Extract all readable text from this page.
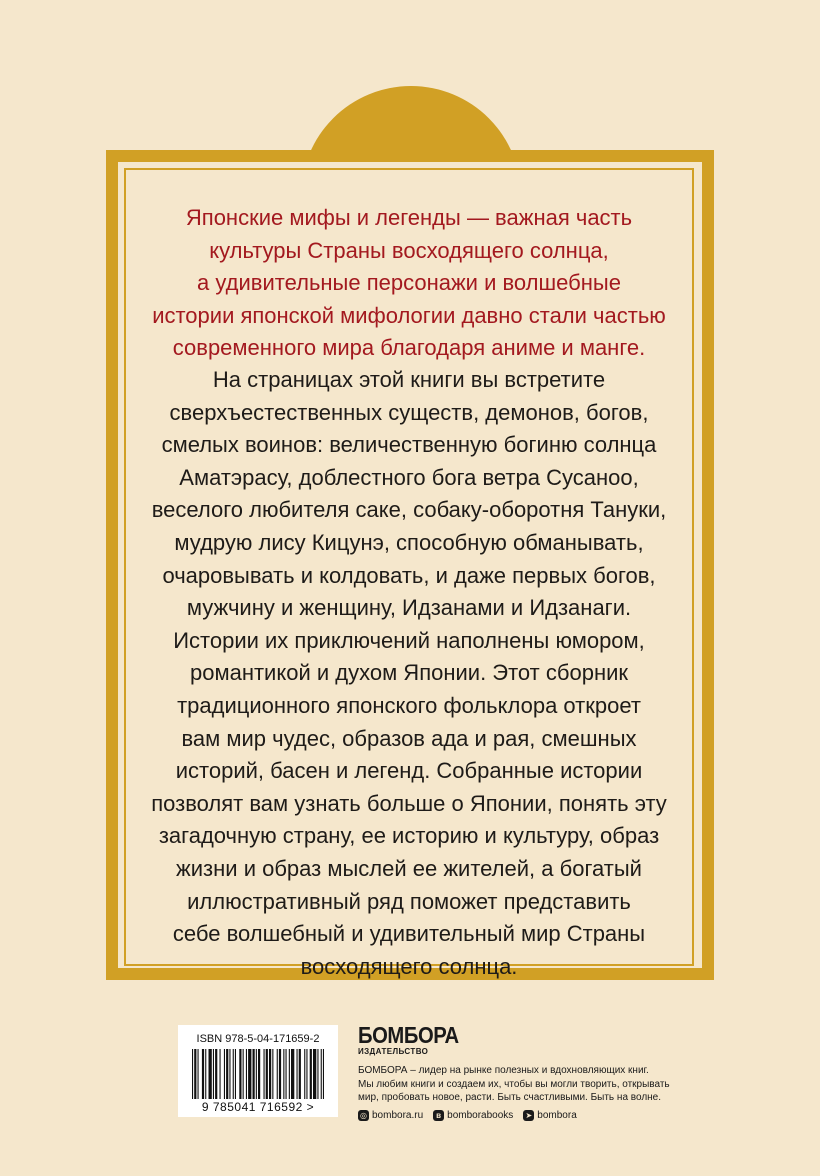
Японские мифы и легенды — важная часть
культуры Страны восходящего солнца,
а удивительные персонажи и волшебные
истории японской мифологии давно стали частью
современного мира благодаря аниме и манге.

На страницах этой книги вы встретите
сверхъестественных существ, демонов, богов,
смелых воинов: величественную богиню солнца
Аматэрасу, доблестного бога ветра Сусаноо,
веселого любителя саке, собаку-оборотня Тануки,
мудрую лису Кицунэ, способную обманывать,
очаровывать и колдовать, и даже первых богов,
мужчину и женщину, Идзанами и Идзанаги.
Истории их приключений наполнены юмором,
романтикой и духом Японии. Этот сборник
традиционного японского фольклора откроет
вам мир чудес, образов ада и рая, смешных
историй, басен и легенд. Собранные истории
позволят вам узнать больше о Японии, понять эту
загадочную страну, ее историю и культуру, образ
жизни и образ мыслей ее жителей, а богатый
иллюстративный ряд поможет представить
себе волшебный и удивительный мир Страны
восходящего солнца.

ISBN 978-5-04-171659-2
9 785041 716592 >
БОМБОРА
ИЗДАТЕЛЬСТВО

БОМБОРА – лидер на рынке полезных и вдохновляющих книг.
Мы любим книги и создаем их, чтобы вы могли творить, открывать
мир, пробовать новое, расти. Быть счастливыми. Быть на волне.

◎ bombora.ru	в bomborabooks ➤ bombora
